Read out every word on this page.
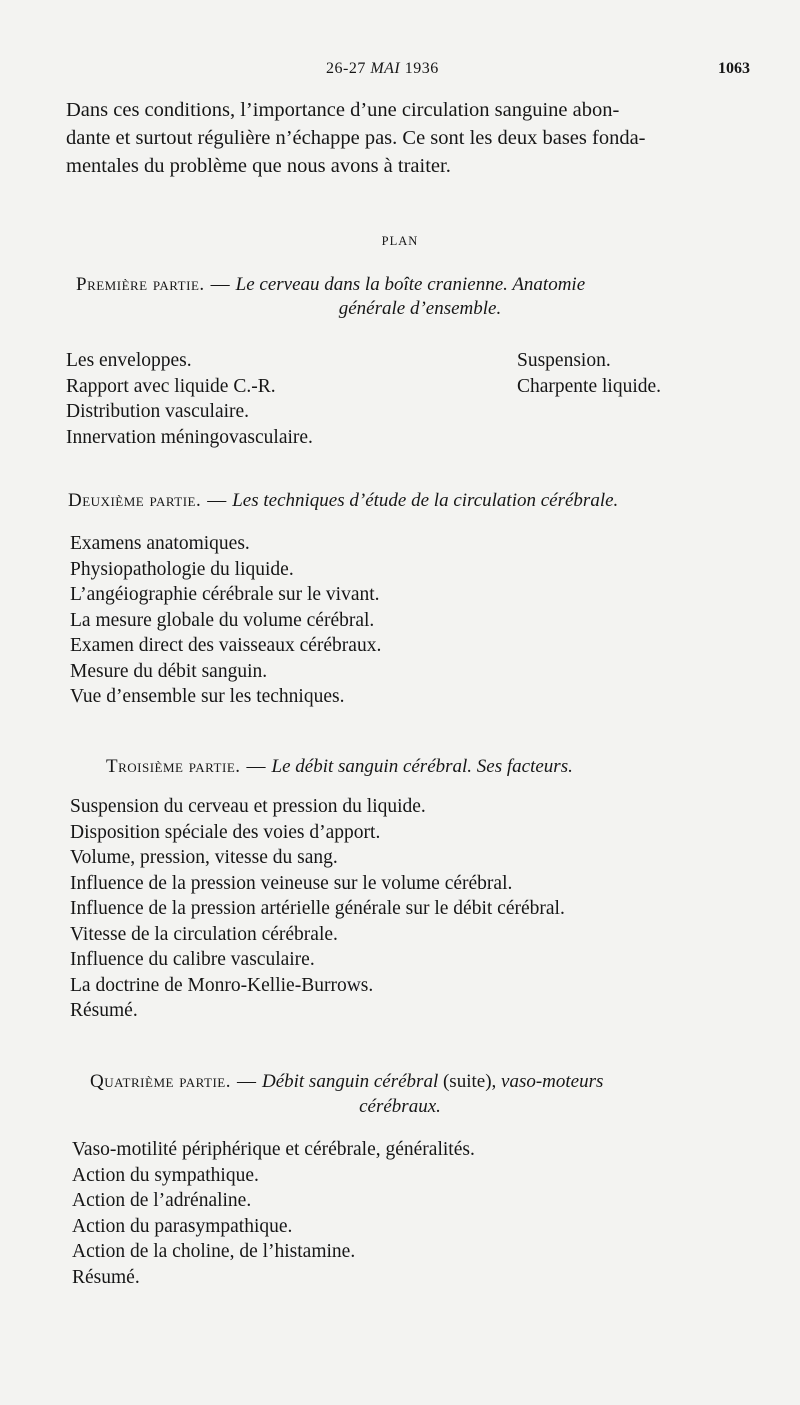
26-27 MAI 1936	1063
Dans ces conditions, l’importance d’une circulation sanguine abon-
dante et surtout régulière n’échappe pas. Ce sont les deux bases fonda-
mentales du problème que nous avons à traiter.
PLAN
Première partie. — Le cerveau dans la boîte cranienne. Anatomie
générale d’ensemble.
Les enveloppes.
Rapport avec liquide C.-R.
Distribution vasculaire.
Innervation méningovasculaire.
Suspension.
Charpente liquide.
Deuxième partie. — Les techniques d’étude de la circulation cérébrale.
Examens anatomiques.
Physiopathologie du liquide.
L’angéiographie cérébrale sur le vivant.
La mesure globale du volume cérébral.
Examen direct des vaisseaux cérébraux.
Mesure du débit sanguin.
Vue d’ensemble sur les techniques.
Troisième partie. — Le débit sanguin cérébral. Ses facteurs.
Suspension du cerveau et pression du liquide.
Disposition spéciale des voies d’apport.
Volume, pression, vitesse du sang.
Influence de la pression veineuse sur le volume cérébral.
Influence de la pression artérielle générale sur le débit cérébral.
Vitesse de la circulation cérébrale.
Influence du calibre vasculaire.
La doctrine de Monro-Kellie-Burrows.
Résumé.
Quatrième partie. — Débit sanguin cérébral (suite), vaso-moteurs
cérébraux.
Vaso-motilité périphérique et cérébrale, généralités.
Action du sympathique.
Action de l’adrénaline.
Action du parasympathique.
Action de la choline, de l’histamine.
Résumé.
